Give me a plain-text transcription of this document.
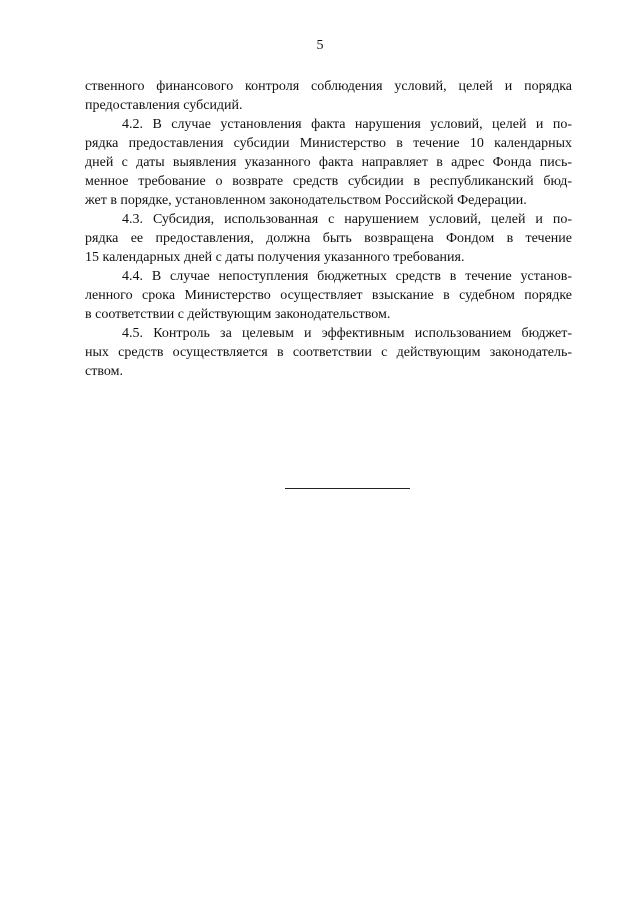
5
ственного финансового контроля соблюдения условий, целей и порядка
предоставления субсидий.
4.2. В случае установления факта нарушения условий, целей и по-
рядка предоставления субсидии Министерство в течение 10 календарных
дней с даты выявления указанного факта направляет в адрес Фонда пись-
менное требование о возврате средств субсидии в республиканский бюд-
жет в порядке, установленном законодательством Российской Федерации.
4.3. Субсидия, использованная с нарушением условий, целей и по-
рядка ее предоставления, должна быть возвращена Фондом в течение
15 календарных дней с даты получения указанного требования.
4.4. В случае непоступления бюджетных средств в течение установ-
ленного срока Министерство осуществляет взыскание в судебном порядке
в соответствии с действующим законодательством.
4.5. Контроль за целевым и эффективным использованием бюджет-
ных средств осуществляется в соответствии с действующим законодатель-
ством.
